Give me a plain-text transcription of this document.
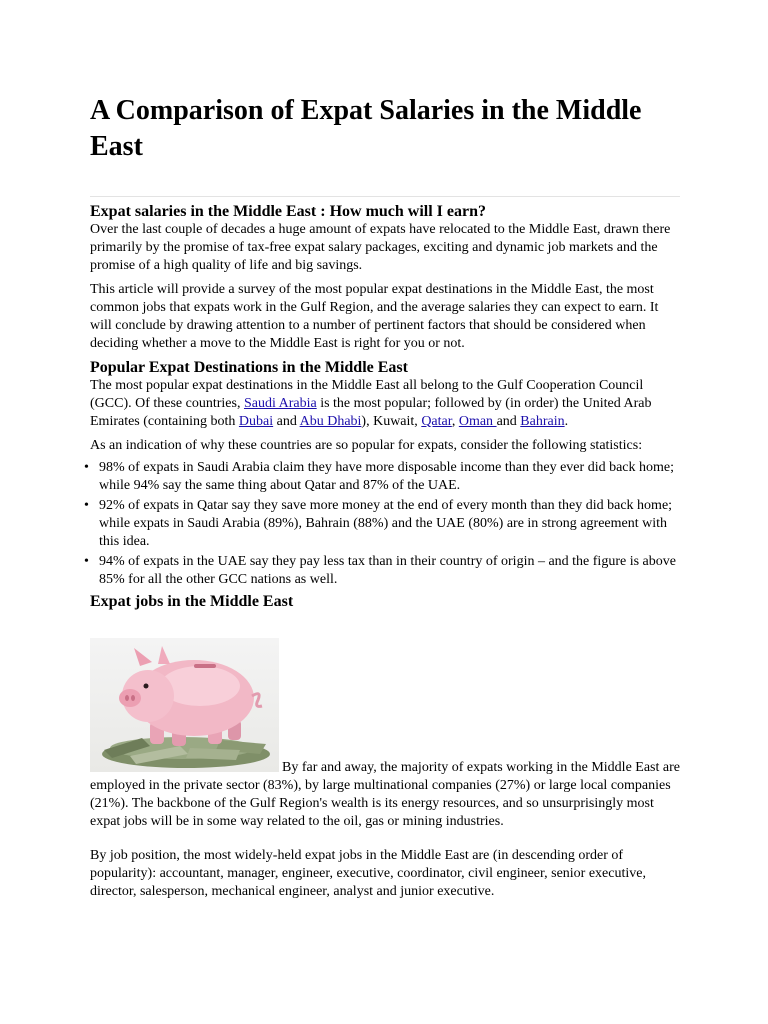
A Comparison of Expat Salaries in the Middle East
Expat salaries in the Middle East : How much will I earn?

Over the last couple of decades a huge amount of expats have relocated to the Middle East, drawn there primarily by the promise of tax-free expat salary packages, exciting and dynamic job markets and the promise of a high quality of life and big savings.

This article will provide a survey of the most popular expat destinations in the Middle East, the most common jobs that expats work in the Gulf Region, and the average salaries they can expect to earn. It will conclude by drawing attention to a number of pertinent factors that should be considered when deciding whether a move to the Middle East is right for you or not.

Popular Expat Destinations in the Middle East

The most popular expat destinations in the Middle East all belong to the Gulf Cooperation Council (GCC). Of these countries, Saudi Arabia is the most popular; followed by (in order) the United Arab Emirates (containing both Dubai and Abu Dhabi), Kuwait, Qatar, Oman and Bahrain.

As an indication of why these countries are so popular for expats, consider the following statistics:

• 98% of expats in Saudi Arabia claim they have more disposable income than they ever did back home; while 94% say the same thing about Qatar and 87% of the UAE.
• 92% of expats in Qatar say they save more money at the end of every month than they did back home; while expats in Saudi Arabia (89%), Bahrain (88%) and the UAE (80%) are in strong agreement with this idea.
• 94% of expats in the UAE say they pay less tax than in their country of origin – and the figure is above 85% for all the other GCC nations as well.
Expat jobs in the Middle East

By far and away, the majority of expats working in the Middle East are employed in the private sector (83%), by large multinational companies (27%) or large local companies (21%). The backbone of the Gulf Region's wealth is its energy resources, and so unsurprisingly most expat jobs will be in some way related to the oil, gas or mining industries.

By job position, the most widely-held expat jobs in the Middle East are (in descending order of popularity): accountant, manager, engineer, executive, coordinator, civil engineer, senior executive, director, salesperson, mechanical engineer, analyst and junior executive.
